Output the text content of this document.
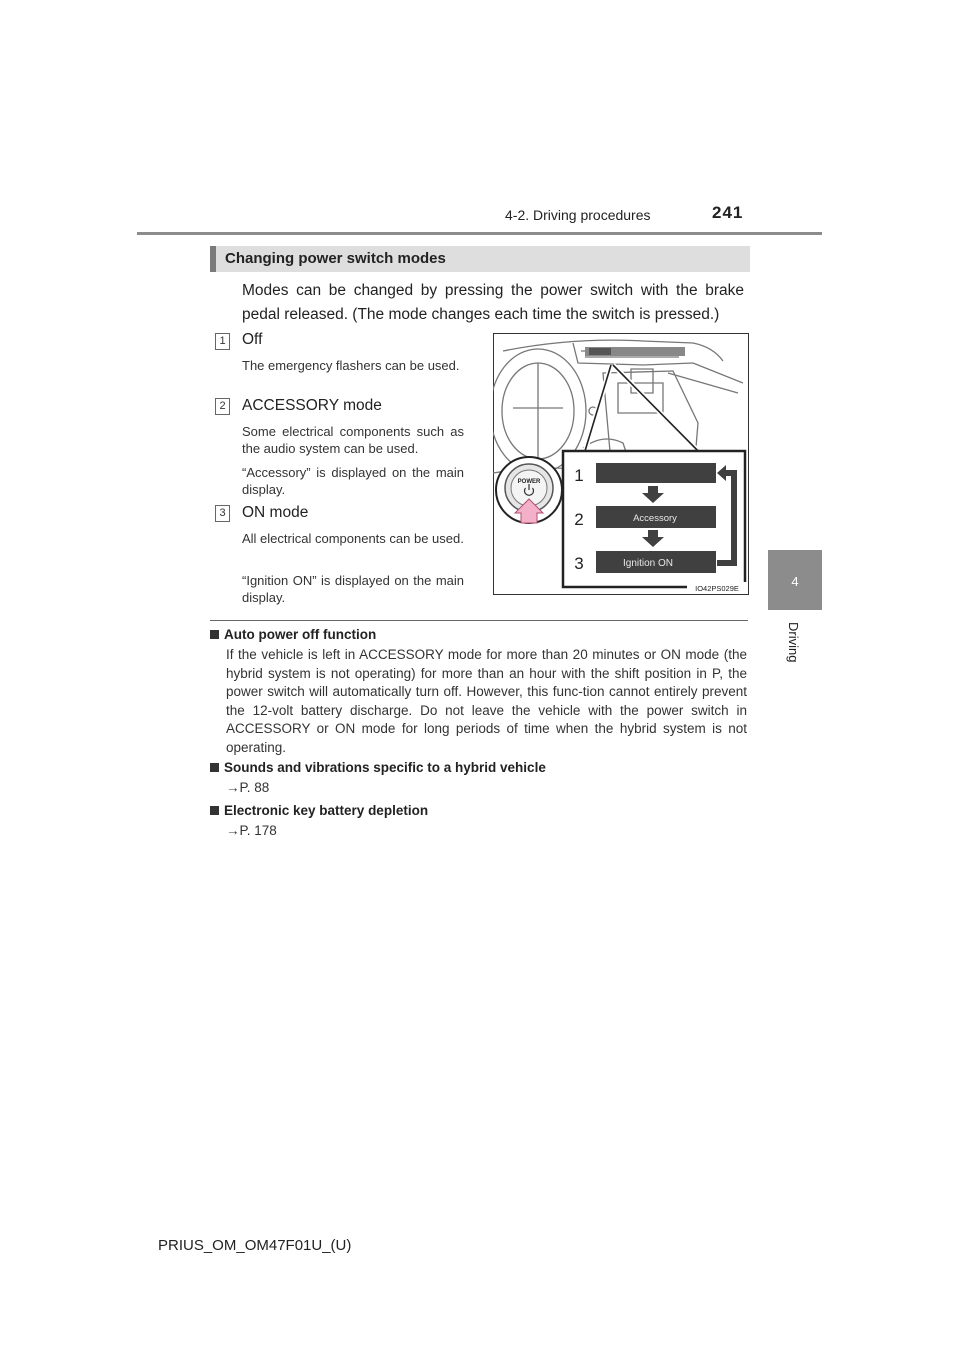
4-2. Driving procedures	241
4
Driving
Changing power switch modes
Modes can be changed by pressing the power switch with the brake pedal released. (The mode changes each time the switch is pressed.)
1 Off
The emergency flashers can be used.
2 ACCESSORY mode
Some electrical components such as the audio system can be used.
“Accessory” is displayed on the main display.
3 ON mode
All electrical components can be used.
“Ignition ON” is displayed on the main display.
POWER 1
2
3
Accessory
Ignition ON
IO42PS029E
Auto power off function
If the vehicle is left in ACCESSORY mode for more than 20 minutes or ON mode (the hybrid system is not operating) for more than an hour with the shift position in P, the power switch will automatically turn off. However, this func-tion cannot entirely prevent the 12-volt battery discharge. Do not leave the vehicle with the power switch in ACCESSORY or ON mode for long periods of time when the hybrid system is not operating.
Sounds and vibrations specific to a hybrid vehicle
→P. 88
Electronic key battery depletion
→P. 178
PRIUS_OM_OM47F01U_(U)
